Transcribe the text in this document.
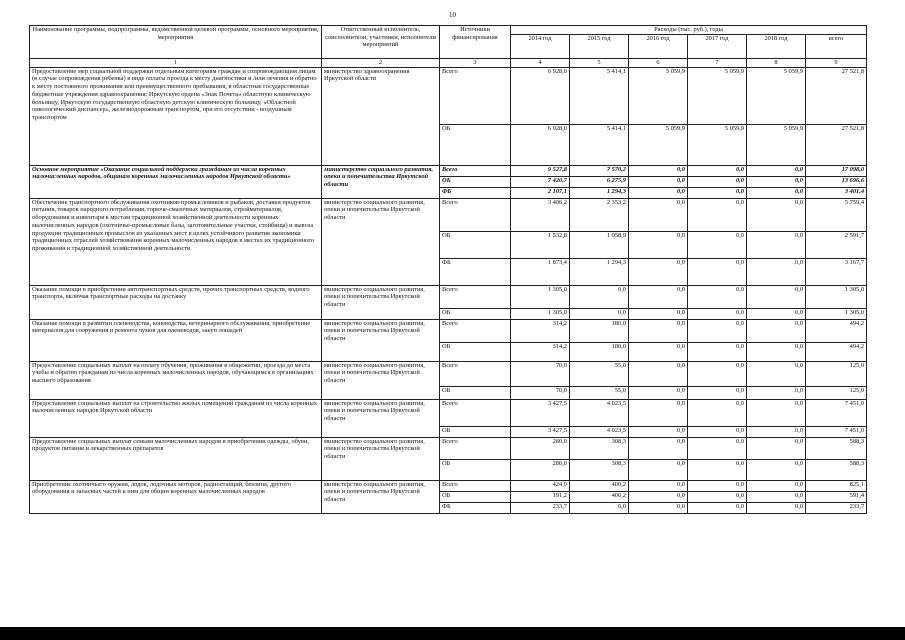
10
Наименование программы, подпрограммы, ведомственной целевой программы, основного мероприятия, мероприятия	Ответственный исполнитель, соисполнители, участники, исполнители мероприятий	Источники финансирования	Расходы (тыс. руб.), годы					
			2014 год	2015 год	2016 год	2017 год	2018 год	всего
1	2	3	4	5	6	7	8	9
Предоставление мер социальной поддержки отдельным категориям граждан и сопровождающим лицам (в случае сопровождения ребенка) в виде оплаты проезда к месту диагностики и /или лечения и обратно к месту постоянного проживания или преимущественного пребывания, в областные государственные бюджетные учреждения здравоохранения: Иркутскую ордена «Знак Почета» областную клиническую больницу, Иркутскую государственную областную детскую клиническую больницу, «Областной онкологический диспансер», железнодорожным транспортом, при его отсутствии - воздушным транспортом	министерство здравоохранения Иркутской области	Всего	6 928,0	5 414,1	5 059,9	5 059,9	5 059,9	27 521,8
		ОБ	6 928,0	5 414,1	5 059,9	5 059,9	5 059,9	27 521,8
Основное мероприятие «Оказание социальной поддержки гражданам из числа коренных малочисленных народов, общинам коренных малочисленных народов Иркутской области»	министерство социального развития, опеки и попечительства Иркутской области	Всего	9 527,8	7 570,2	0,0	0,0	0,0	17 098,0
		ОБ	7 420,7	6 275,9	0,0	0,0	0,0	13 696,6
		ФБ	2 107,1	1 294,3	0,0	0,0	0,0	3 401,4
Обеспечение транспортного обслуживания охотников-промысловиков и рыбаков, доставки продуктов питания, товаров народного потребления, горюче-смазочных материалов, стройматериалов, оборудования и инвентаря к местам традиционной хозяйственной деятельности коренных малочисленных народов (охотничье-промысловые базы, заготовительные участки, стойбища) и вывоза продукции традиционных промыслов из указанных мест в целях устойчивого развития экономики традиционных отраслей хозяйствования коренных малочисленных народов в местах их традиционного проживания и традиционной хозяйственной деятельности	министерство социального развития, опеки и попечительства Иркутской области	Всего	3 406,2	2 353,2	0,0	0,0	0,0	5 759,4
		ОБ	1 532,8	1 058,9	0,0	0,0	0,0	2 591,7
		ФБ	1 873,4	1 294,3	0,0	0,0	0,0	3 167,7
Оказание помощи в приобретении автотранспортных средств, прочих транспортных средств, водного транспорта, включая транспортные расходы на доставку	министерство социального развития, опеки и попечительства Иркутской области	Всего	1 305,0	0,0	0,0	0,0	0,0	1 305,0
		ОБ	1 305,0	0,0	0,0	0,0	0,0	1 305,0
Оказание помощи в развитии оленеводства, коневодства, ветеринарного обслуживания, приобретение материалов для сооружения и ремонта чумов для оленеводов, закуп лошадей	министерство социального развития, опеки и попечительства Иркутской области	Всего	314,2	180,0	0,0	0,0	0,0	494,2
		ОБ	314,2	180,0	0,0	0,0	0,0	494,2
Предоставление социальных выплат на оплату обучения, проживания в общежитии, проезда до места учебы и обратно гражданам из числа коренных малочисленных народов, обучающимся в организациях высшего образования	министерство социального развития, опеки и попечительства Иркутской области	Всего	70,0	55,0	0,0	0,0	0,0	125,0
		ОБ	70,0	55,0	0,0	0,0	0,0	125,0
Предоставление социальных выплат на строительство жилых помещений гражданам из числа коренных малочисленных народов Иркутской области	министерство социального развития, опеки и попечительства Иркутской области	Всего	3 427,5	4 023,5	0,0	0,0	0,0	7 451,0
		ОБ	3 427,5	4 023,5	0,0	0,0	0,0	7 451,0
Предоставление социальных выплат семьям малочисленных народов в приобретении одежды, обуви, продуктов питания и лекарственных препаратов	министерство социального развития, опеки и попечительства Иркутской области	Всего	280,0	308,3	0,0	0,0	0,0	588,3
		ОБ	280,0	308,3	0,0	0,0	0,0	588,3
Приобретение охотничьего оружия, лодок, лодочных моторов, радиостанций, бензина, другого оборудования и запасных частей к ним для общин коренных малочисленных народов	министерство социального развития, опеки и попечительства Иркутской области	Всего	424,9	400,2	0,0	0,0	0,0	825,1
		ОБ	191,2	400,2	0,0	0,0	0,0	591,4
		ФБ	233,7	0,0	0,0	0,0	0,0	233,7
